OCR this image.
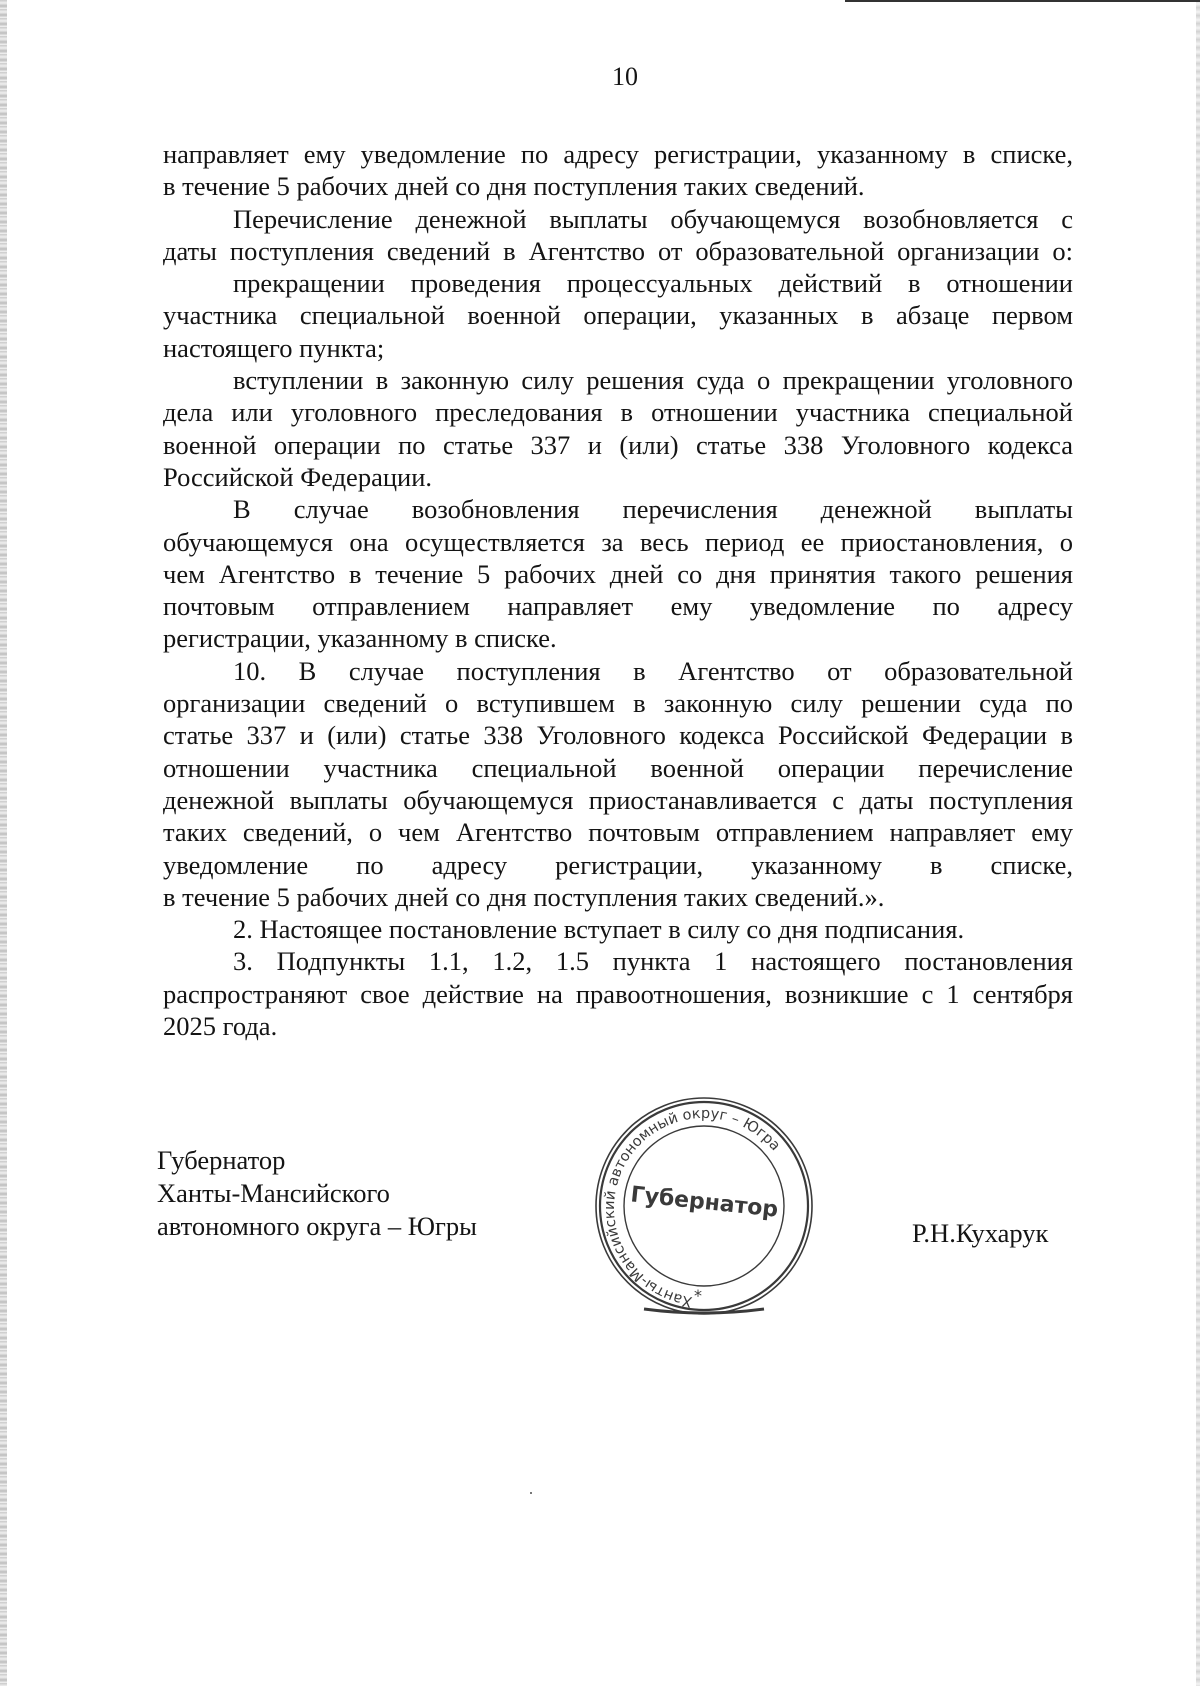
10
направляет ему уведомление по адресу регистрации, указанному в списке,
в течение 5 рабочих дней со дня поступления таких сведений.
Перечисление денежной выплаты обучающемуся возобновляется с
даты поступления сведений в Агентство от образовательной организации о:
прекращении проведения процессуальных действий в отношении
участника специальной военной операции, указанных в абзаце первом
настоящего пункта;
вступлении в законную силу решения суда о прекращении уголовного
дела или уголовного преследования в отношении участника специальной
военной операции по статье 337 и (или) статье 338 Уголовного кодекса
Российской Федерации.
В случае возобновления перечисления денежной выплаты
обучающемуся она осуществляется за весь период ее приостановления, о
чем Агентство в течение 5 рабочих дней со дня принятия такого решения
почтовым отправлением направляет ему уведомление по адресу
регистрации, указанному в списке.
10. В случае поступления в Агентство от образовательной
организации сведений о вступившем в законную силу решении суда по
статье 337 и (или) статье 338 Уголовного кодекса Российской Федерации в
отношении участника специальной военной операции перечисление
денежной выплаты обучающемуся приостанавливается с даты поступления
таких сведений, о чем Агентство почтовым отправлением направляет ему
уведомление по адресу регистрации, указанному в списке,
в течение 5 рабочих дней со дня поступления таких сведений.».
2. Настоящее постановление вступает в силу со дня подписания.
3. Подпункты 1.1, 1.2, 1.5 пункта 1 настоящего постановления
распространяют свое действие на правоотношения, возникшие с 1 сентября
2025 года.
Губернатор
Ханты-Мансийского
автономного округа – Югры
Ханты-Мансийский автономный округ – Югра
Губернатор
*
Р.Н.Кухарук
